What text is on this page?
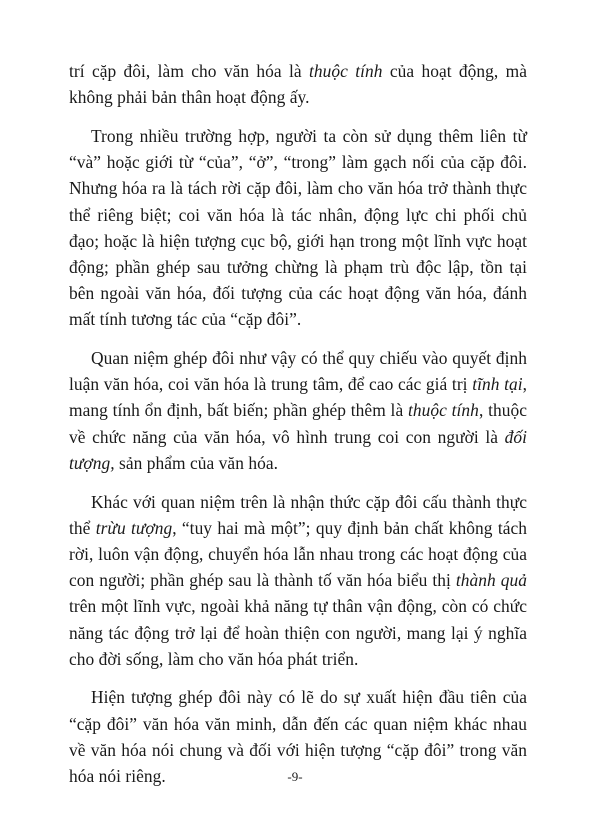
trí cặp đôi, làm cho văn hóa là thuộc tính của hoạt động, mà không phải bản thân hoạt động ấy.

Trong nhiều trường hợp, người ta còn sử dụng thêm liên từ “và” hoặc giới từ “của”, “ở”, “trong” làm gạch nối của cặp đôi. Nhưng hóa ra là tách rời cặp đôi, làm cho văn hóa trở thành thực thể riêng biệt; coi văn hóa là tác nhân, động lực chi phối chủ đạo; hoặc là hiện tượng cục bộ, giới hạn trong một lĩnh vực hoạt động; phần ghép sau tưởng chừng là phạm trù độc lập, tồn tại bên ngoài văn hóa, đối tượng của các hoạt động văn hóa, đánh mất tính tương tác của “cặp đôi”.

Quan niệm ghép đôi như vậy có thể quy chiếu vào quyết định luận văn hóa, coi văn hóa là trung tâm, để cao các giá trị tĩnh tại, mang tính ổn định, bất biến; phần ghép thêm là thuộc tính, thuộc về chức năng của văn hóa, vô hình trung coi con người là đối tượng, sản phẩm của văn hóa.

Khác với quan niệm trên là nhận thức cặp đôi cấu thành thực thể trừu tượng, “tuy hai mà một”; quy định bản chất không tách rời, luôn vận động, chuyển hóa lẫn nhau trong các hoạt động của con người; phần ghép sau là thành tố văn hóa biểu thị thành quả trên một lĩnh vực, ngoài khả năng tự thân vận động, còn có chức năng tác động trở lại để hoàn thiện con người, mang lại ý nghĩa cho đời sống, làm cho văn hóa phát triển.

Hiện tượng ghép đôi này có lẽ do sự xuất hiện đầu tiên của “cặp đôi” văn hóa văn minh, dẫn đến các quan niệm khác nhau về văn hóa nói chung và đối với hiện tượng “cặp đôi” trong văn hóa nói riêng.	-9-
